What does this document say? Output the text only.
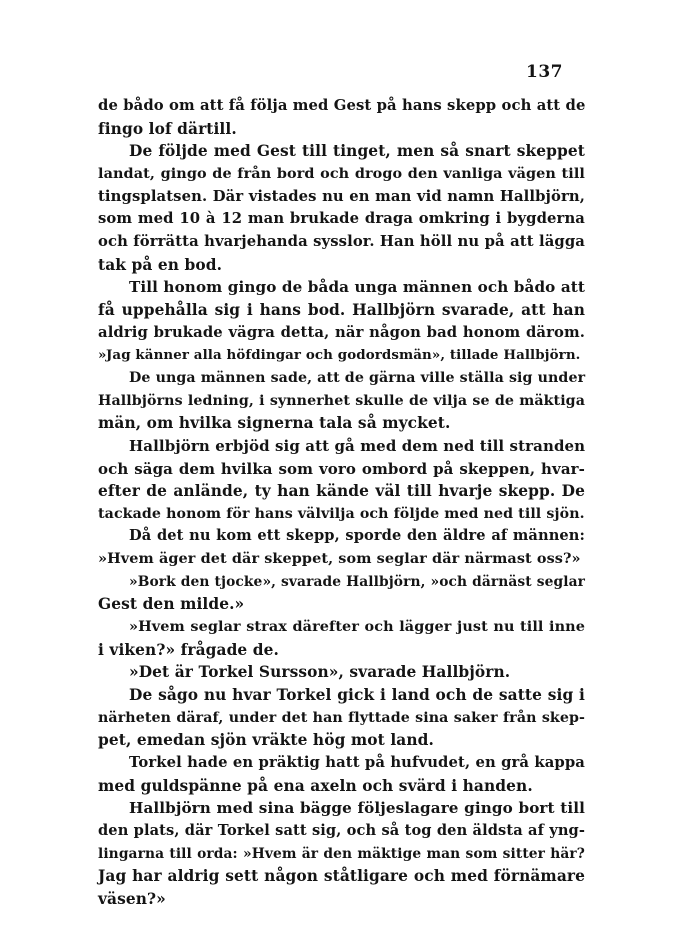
137
de bådo om att få följa med Gest på hans skepp och att de
fingo lof därtill.
De följde med Gest till tinget, men så snart skeppet
landat, gingo de från bord och drogo den vanliga vägen till
tingsplatsen. Där vistades nu en man vid namn Hallbjörn,
som med 10 à 12 man brukade draga omkring i bygderna
och förrätta hvarjehanda sysslor. Han höll nu på att lägga
tak på en bod.
Till honom gingo de båda unga männen och bådo att
få uppehålla sig i hans bod. Hallbjörn svarade, att han
aldrig brukade vägra detta, när någon bad honom därom.
»Jag känner alla höfdingar och godordsmän», tillade Hallbjörn.
De unga männen sade, att de gärna ville ställa sig under
Hallbjörns ledning, i synnerhet skulle de vilja se de mäktiga
män, om hvilka signerna tala så mycket.
Hallbjörn erbjöd sig att gå med dem ned till stranden
och säga dem hvilka som voro ombord på skeppen, hvar-
efter de anlände, ty han kände väl till hvarje skepp. De
tackade honom för hans välvilja och följde med ned till sjön.
Då det nu kom ett skepp, sporde den äldre af männen:
»Hvem äger det där skeppet, som seglar där närmast oss?»
»Bork den tjocke», svarade Hallbjörn, »och därnäst seglar
Gest den milde.»
»Hvem seglar strax därefter och lägger just nu till inne
i viken?» frågade de.
»Det är Torkel Sursson», svarade Hallbjörn.
De sågo nu hvar Torkel gick i land och de satte sig i
närheten däraf, under det han flyttade sina saker från skep-
pet, emedan sjön vräkte hög mot land.
Torkel hade en präktig hatt på hufvudet, en grå kappa
med guldspänne på ena axeln och svärd i handen.
Hallbjörn med sina bägge följeslagare gingo bort till
den plats, där Torkel satt sig, och så tog den äldsta af yng-
lingarna till orda: »Hvem är den mäktige man som sitter här?
Jag har aldrig sett någon ståtligare och med förnämare
väsen?»
